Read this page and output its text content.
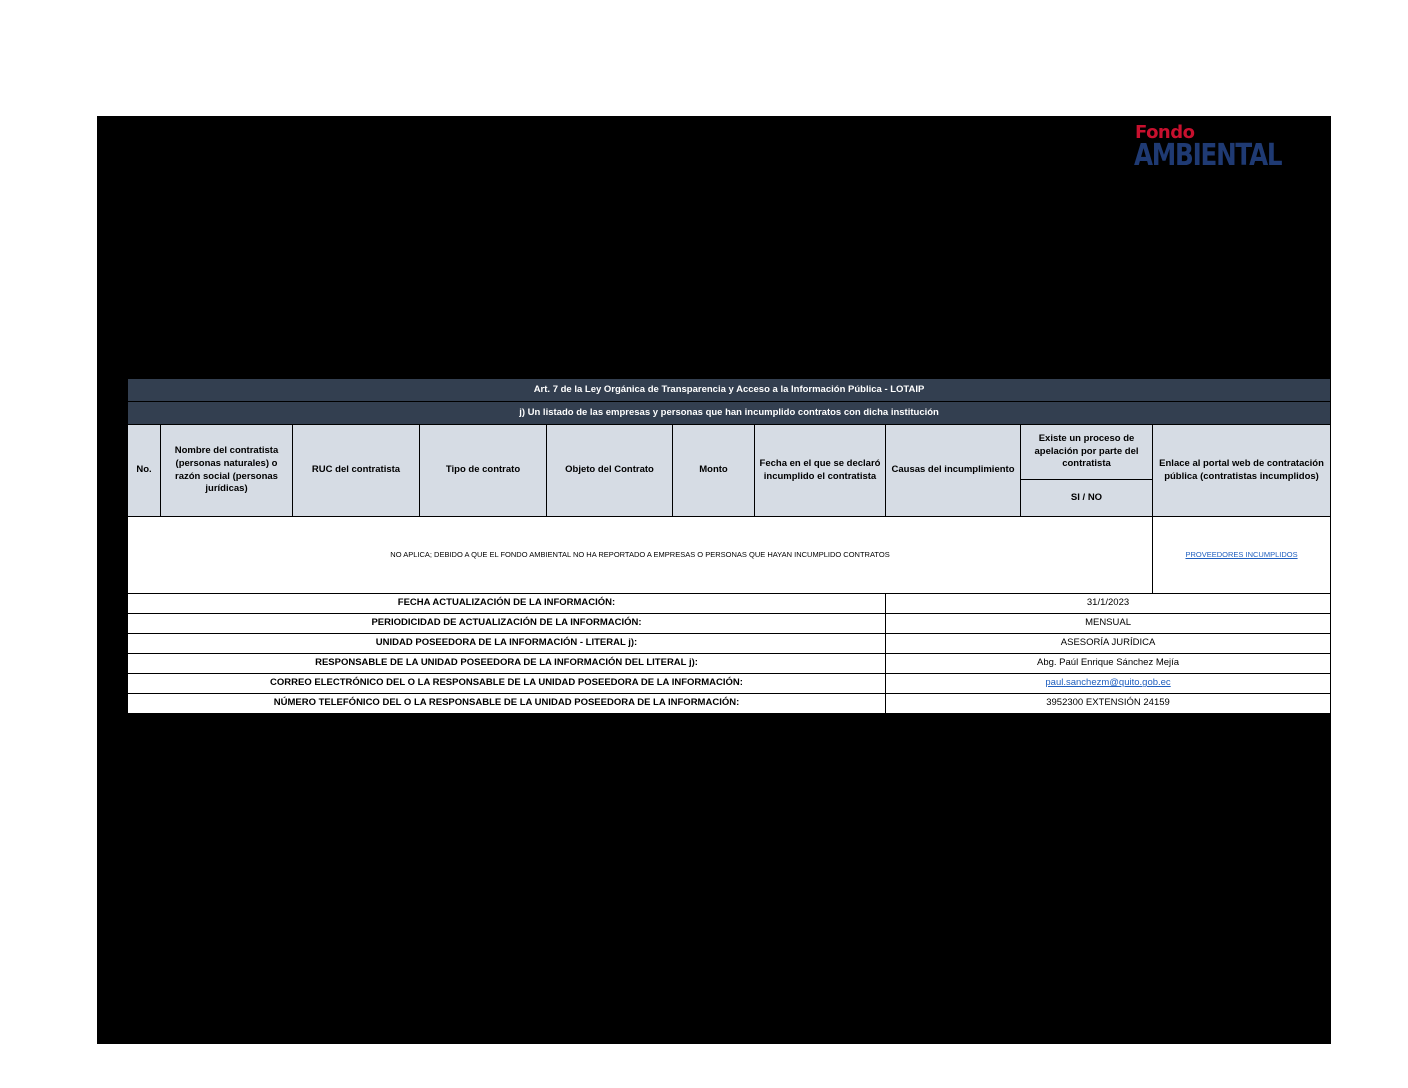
Fondo
AMBIENTAL
Art. 7 de la Ley Orgánica de Transparencia y Acceso a la Información Pública - LOTAIP									
j) Un listado de las empresas y personas que han incumplido contratos con dicha institución									
No.	Nombre del contratista (personas naturales) o razón social (personas jurídicas)	RUC del contratista	Tipo de contrato	Objeto del Contrato	Monto	Fecha en el que se declaró incumplido el contratista	Causas del incumplimiento	Existe un proceso de apelación por parte del contratista	Enlace al portal web de contratación pública (contratistas incumplidos)
								SI / NO	
NO APLICA; DEBIDO A QUE EL FONDO AMBIENTAL NO HA REPORTADO A EMPRESAS O PERSONAS QUE HAYAN INCUMPLIDO CONTRATOS									PROVEEDORES INCUMPLIDOS
FECHA ACTUALIZACIÓN DE LA INFORMACIÓN:							31/1/2023		
PERIODICIDAD DE ACTUALIZACIÓN DE LA INFORMACIÓN:							MENSUAL		
UNIDAD POSEEDORA DE LA INFORMACIÓN - LITERAL j):							ASESORÍA JURÍDICA		
RESPONSABLE DE LA UNIDAD POSEEDORA DE LA INFORMACIÓN DEL LITERAL j):							Abg. Paúl Enrique Sánchez Mejía		
CORREO ELECTRÓNICO DEL O LA RESPONSABLE DE LA UNIDAD POSEEDORA DE LA INFORMACIÓN:							paul.sanchezm@quito.gob.ec		
NÚMERO TELEFÓNICO DEL O LA RESPONSABLE DE LA UNIDAD POSEEDORA DE LA INFORMACIÓN:							3952300 EXTENSIÓN 24159		
